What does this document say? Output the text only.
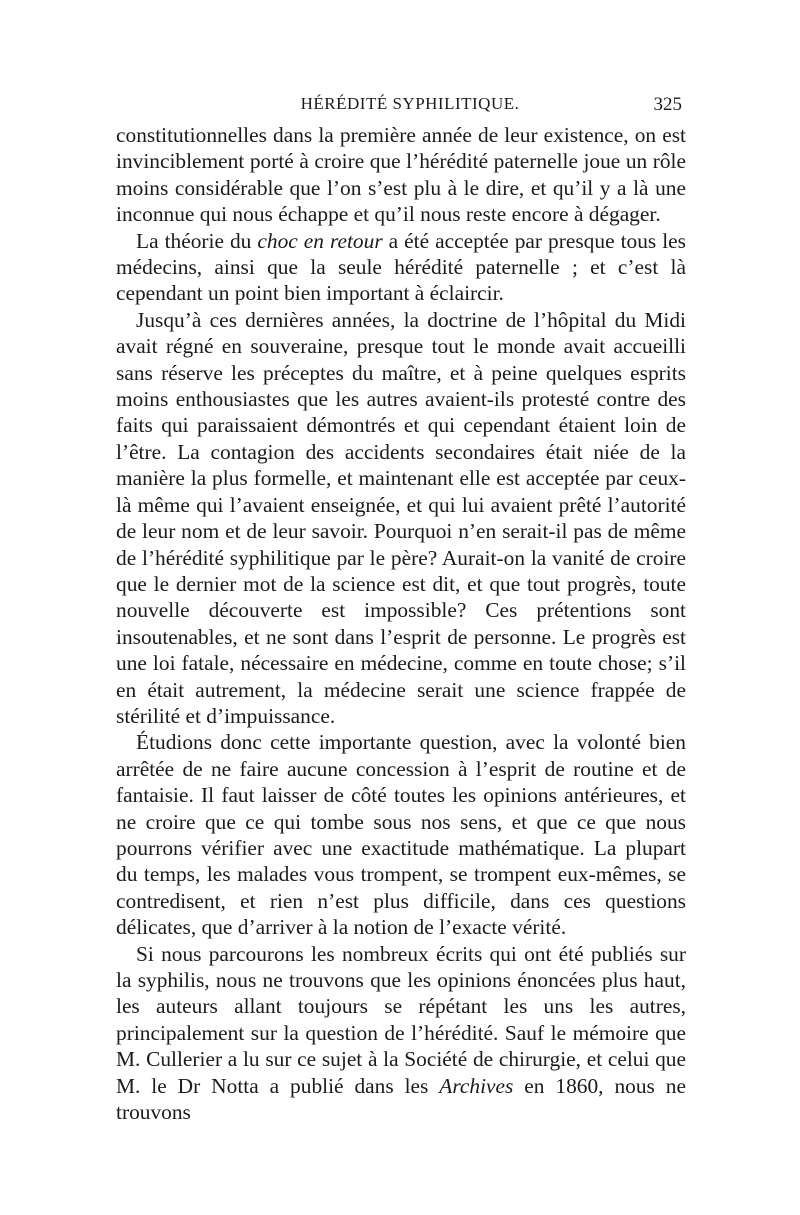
HÉRÉDITÉ SYPHILITIQUE.	325

constitutionnelles dans la première année de leur existence, on est invinciblement porté à croire que l’hérédité paternelle joue un rôle moins considérable que l’on s’est plu à le dire, et qu’il y a là une inconnue qui nous échappe et qu’il nous reste encore à dégager.

La théorie du choc en retour a été acceptée par presque tous les médecins, ainsi que la seule hérédité paternelle ; et c’est là cependant un point bien important à éclaircir.

Jusqu’à ces dernières années, la doctrine de l’hôpital du Midi avait régné en souveraine, presque tout le monde avait accueilli sans réserve les préceptes du maître, et à peine quelques esprits moins enthousiastes que les autres avaient-ils protesté contre des faits qui paraissaient démontrés et qui cependant étaient loin de l’être. La contagion des accidents secondaires était niée de la manière la plus formelle, et maintenant elle est acceptée par ceux-là même qui l’avaient enseignée, et qui lui avaient prêté l’autorité de leur nom et de leur savoir. Pourquoi n’en serait-il pas de même de l’hérédité syphilitique par le père? Aurait-on la vanité de croire que le dernier mot de la science est dit, et que tout progrès, toute nouvelle découverte est impossible? Ces prétentions sont insoutenables, et ne sont dans l’esprit de personne. Le progrès est une loi fatale, nécessaire en médecine, comme en toute chose; s’il en était autrement, la médecine serait une science frappée de stérilité et d’impuissance.

Étudions donc cette importante question, avec la volonté bien arrêtée de ne faire aucune concession à l’esprit de routine et de fantaisie. Il faut laisser de côté toutes les opinions antérieures, et ne croire que ce qui tombe sous nos sens, et que ce que nous pourrons vérifier avec une exactitude mathématique. La plupart du temps, les malades vous trompent, se trompent eux-mêmes, se contredisent, et rien n’est plus difficile, dans ces questions délicates, que d’arriver à la notion de l’exacte vérité.

Si nous parcourons les nombreux écrits qui ont été publiés sur la syphilis, nous ne trouvons que les opinions énoncées plus haut, les auteurs allant toujours se répétant les uns les autres, principalement sur la question de l’hérédité. Sauf le mémoire que M. Cullerier a lu sur ce sujet à la Société de chirurgie, et celui que M. le Dr Notta a publié dans les Archives en 1860, nous ne trouvons
